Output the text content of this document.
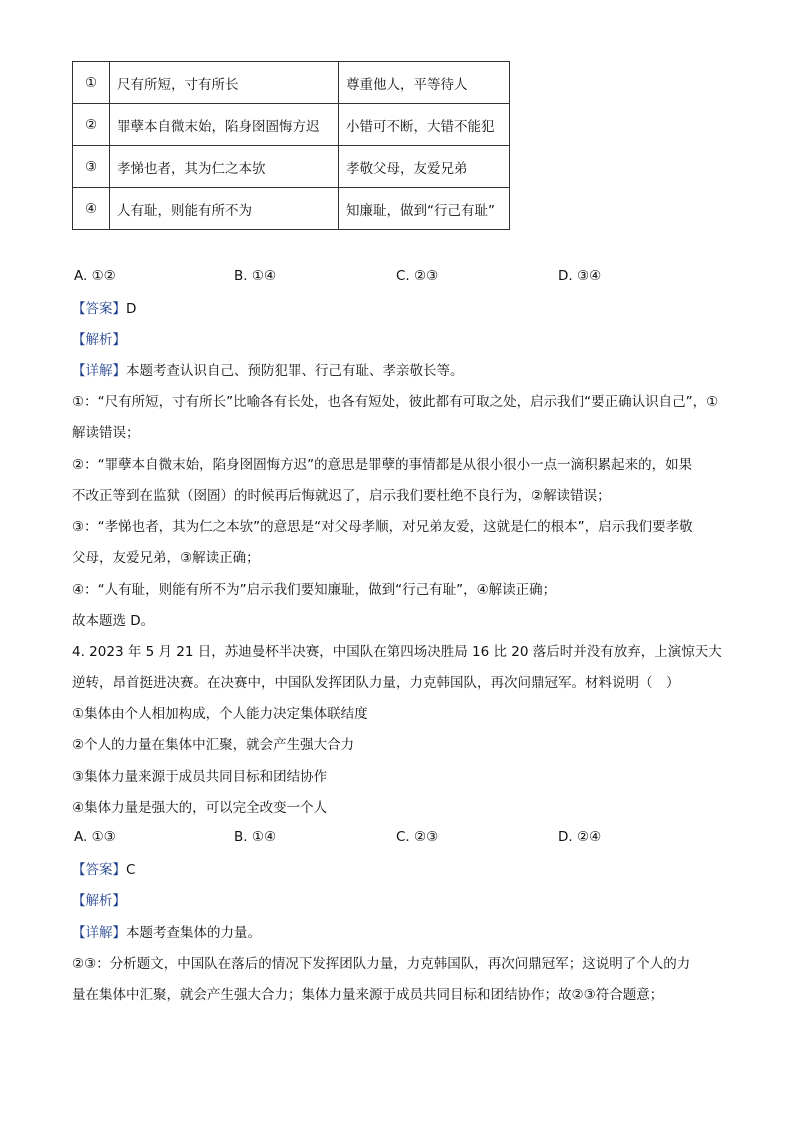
①	尺有所短，寸有所长	尊重他人，平等待人
②	罪孽本自微末始，陷身囹圄悔方迟	小错可不断，大错不能犯
③	孝悌也者，其为仁之本欤	孝敬父母，友爱兄弟
④	人有耻，则能有所不为	知廉耻，做到“行己有耻”
A. ①②	B. ①④	C. ②③	D. ③④
【答案】D
【解析】
【详解】本题考查认识自己、预防犯罪、行己有耻、孝亲敬长等。
①：“尺有所短，寸有所长”比喻各有长处，也各有短处，彼此都有可取之处，启示我们“要正确认识自己”，①
解读错误；
②：“罪孽本自微末始，陷身囹圄悔方迟”的意思是罪孽的事情都是从很小很小一点一滴积累起来的，如果
不改正等到在监狱（囹圄）的时候再后悔就迟了，启示我们要杜绝不良行为，②解读错误；
③：“孝悌也者，其为仁之本欤”的意思是“对父母孝顺，对兄弟友爱，这就是仁的根本”，启示我们要孝敬
父母，友爱兄弟，③解读正确；
④：“人有耻，则能有所不为”启示我们要知廉耻，做到“行己有耻”，④解读正确；
故本题选 D。
4. 2023 年 5 月 21 日，苏迪曼杯半决赛，中国队在第四场决胜局 16 比 20 落后时并没有放弃，上演惊天大
逆转，昂首挺进决赛。在决赛中，中国队发挥团队力量，力克韩国队，再次问鼎冠军。材料说明（　）
①集体由个人相加构成，个人能力决定集体联结度
②个人的力量在集体中汇聚，就会产生强大合力
③集体力量来源于成员共同目标和团结协作
④集体力量是强大的，可以完全改变一个人
A. ①③	B. ①④	C. ②③	D. ②④
【答案】C
【解析】
【详解】本题考查集体的力量。
②③：分析题文，中国队在落后的情况下发挥团队力量，力克韩国队，再次问鼎冠军；这说明了个人的力
量在集体中汇聚，就会产生强大合力；集体力量来源于成员共同目标和团结协作；故②③符合题意；
